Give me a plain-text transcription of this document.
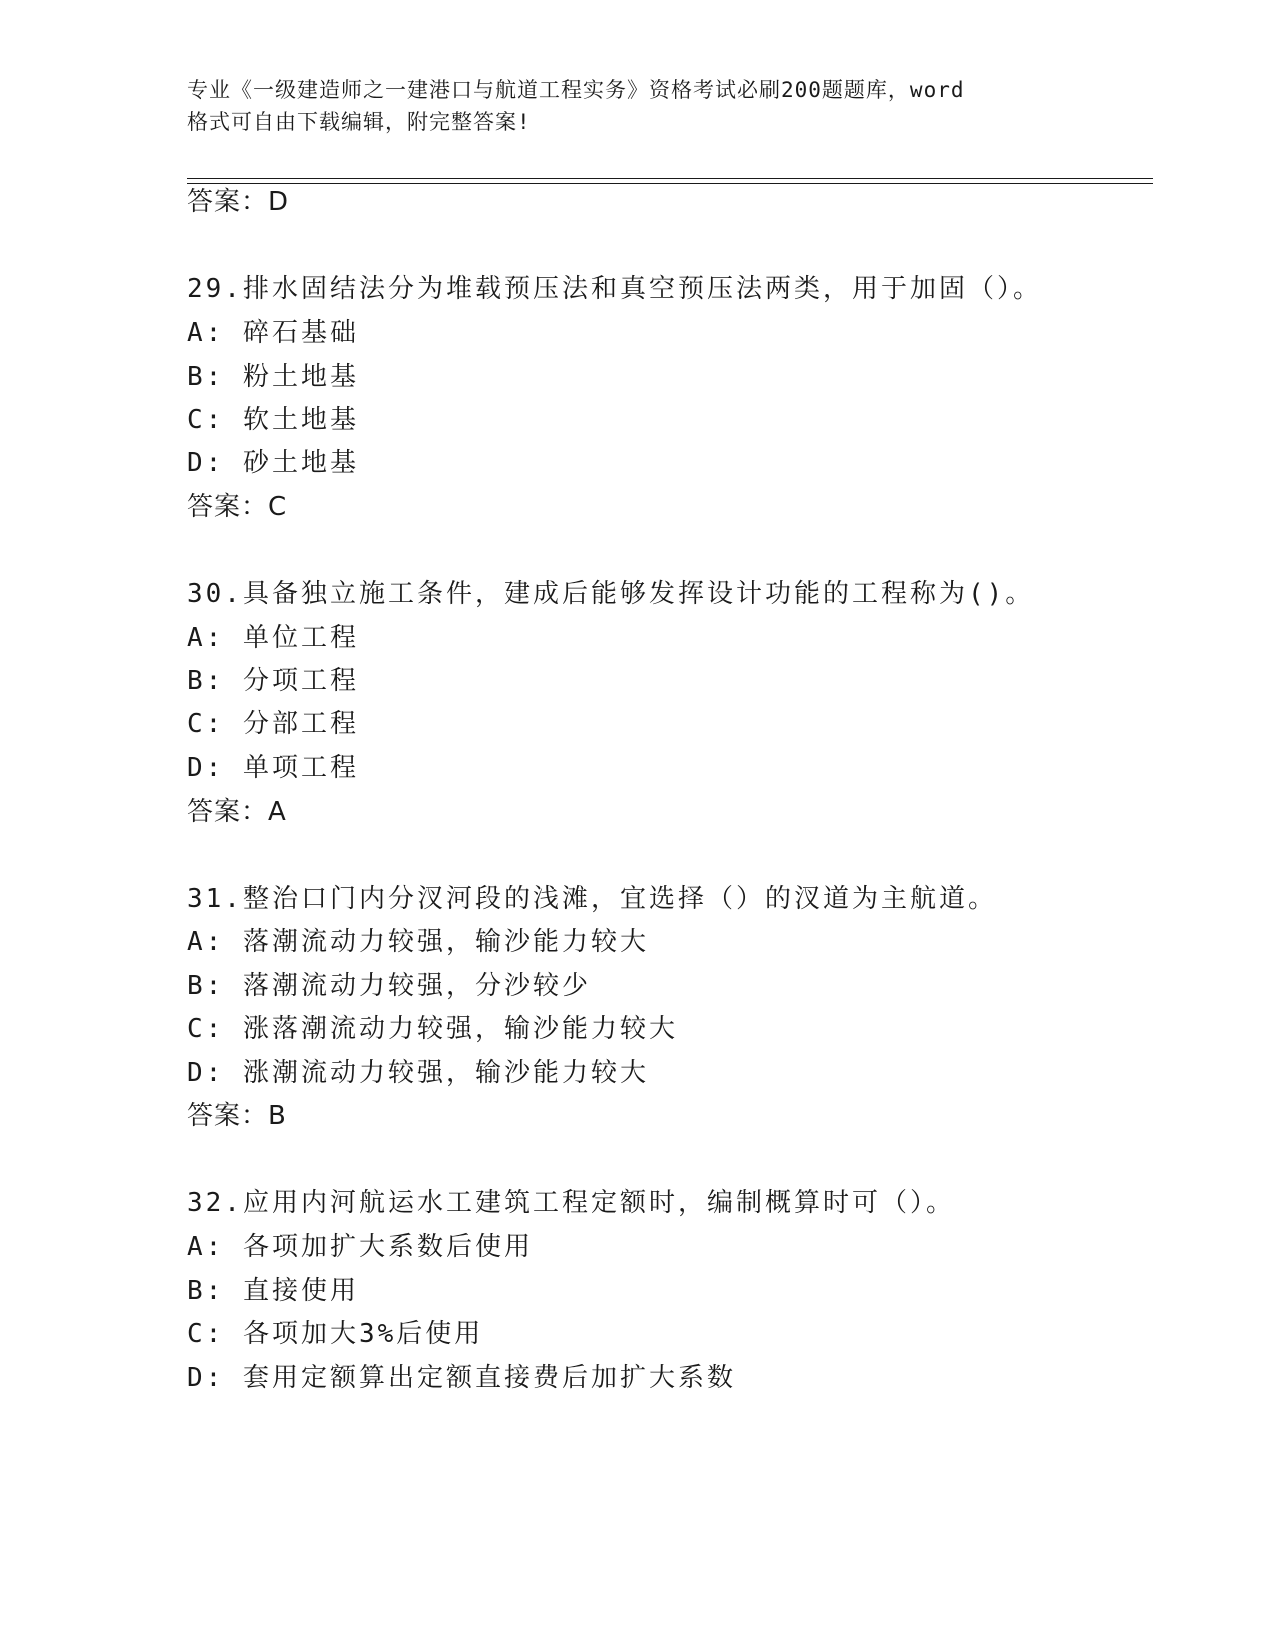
专业《一级建造师之一建港口与航道工程实务》资格考试必刷200题题库，word
格式可自由下载编辑，附完整答案!
答案：D
29.排水固结法分为堆载预压法和真空预压法两类，用于加固（）。
A: 碎石基础
B: 粉土地基
C: 软土地基
D: 砂土地基
答案：C
30.具备独立施工条件，建成后能够发挥设计功能的工程称为()。
A: 单位工程
B: 分项工程
C: 分部工程
D: 单项工程
答案：A
31.整治口门内分汊河段的浅滩，宜选择（）的汊道为主航道。
A: 落潮流动力较强，输沙能力较大
B: 落潮流动力较强，分沙较少
C: 涨落潮流动力较强，输沙能力较大
D: 涨潮流动力较强，输沙能力较大
答案：B
32.应用内河航运水工建筑工程定额时，编制概算时可（）。
A: 各项加扩大系数后使用
B: 直接使用
C: 各项加大3%后使用
D: 套用定额算出定额直接费后加扩大系数
